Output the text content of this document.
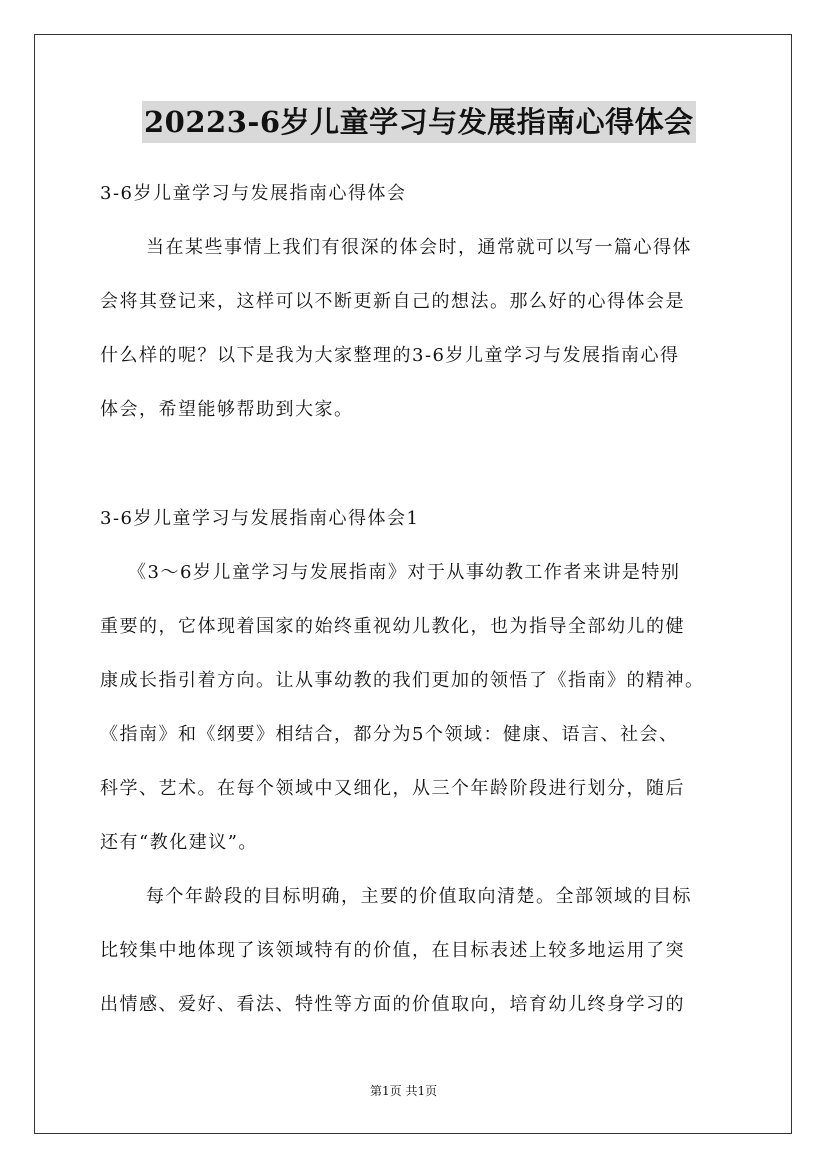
20223-6岁儿童学习与发展指南心得体会
3-6岁儿童学习与发展指南心得体会
当在某些事情上我们有很深的体会时，通常就可以写一篇心得体
会将其登记来，这样可以不断更新自己的想法。那么好的心得体会是
什么样的呢？以下是我为大家整理的3-6岁儿童学习与发展指南心得
体会，希望能够帮助到大家。
3-6岁儿童学习与发展指南心得体会1
《3～6岁儿童学习与发展指南》对于从事幼教工作者来讲是特别
重要的，它体现着国家的始终重视幼儿教化，也为指导全部幼儿的健
康成长指引着方向。让从事幼教的我们更加的领悟了《指南》的精神。
《指南》和《纲要》相结合，都分为5个领域：健康、语言、社会、
科学、艺术。在每个领域中又细化，从三个年龄阶段进行划分，随后
还有“教化建议”。
每个年龄段的目标明确，主要的价值取向清楚。全部领域的目标
比较集中地体现了该领域特有的价值，在目标表述上较多地运用了突
出情感、爱好、看法、特性等方面的价值取向，培育幼儿终身学习的
第1页 共1页
